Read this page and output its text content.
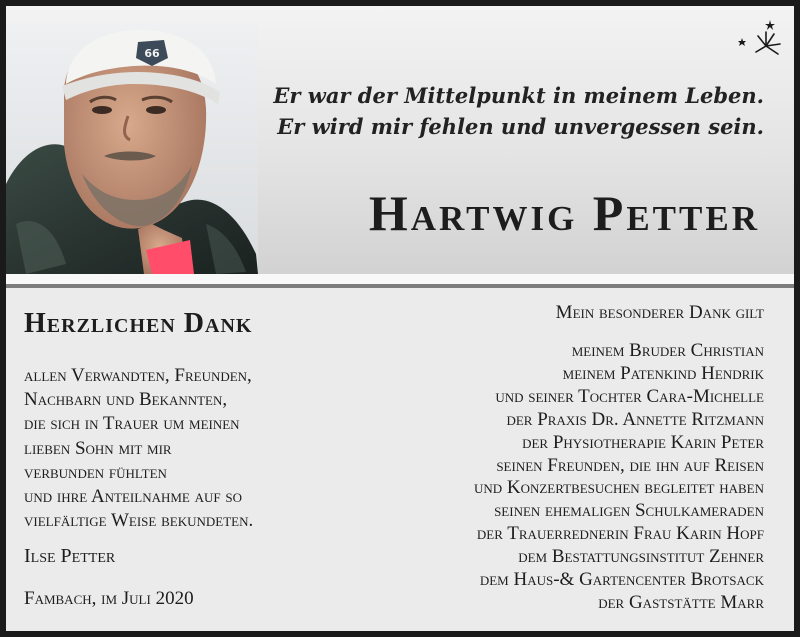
66
Er war der Mittelpunkt in meinem Leben.
Er wird mir fehlen und unvergessen sein.
Hartwig Petter
Herzlichen Dank
allen Verwandten, Freunden,
Nachbarn und Bekannten,
die sich in Trauer um meinen
lieben Sohn mit mir
verbunden fühlten
und ihre Anteilnahme auf so
vielfältige Weise bekundeten.
Ilse Petter
Fambach, im Juli 2020
Mein besonderer Dank gilt
meinem Bruder Christian
meinem Patenkind Hendrik
und seiner Tochter Cara-Michelle
der Praxis Dr. Annette Ritzmann
der Physiotherapie Karin Peter
seinen Freunden, die ihn auf Reisen
und Konzertbesuchen begleitet haben
seinen ehemaligen Schulkameraden
der Trauerrednerin Frau Karin Hopf
dem Bestattungsinstitut Zehner
dem Haus-& Gartencenter Brotsack
der Gaststätte Marr
